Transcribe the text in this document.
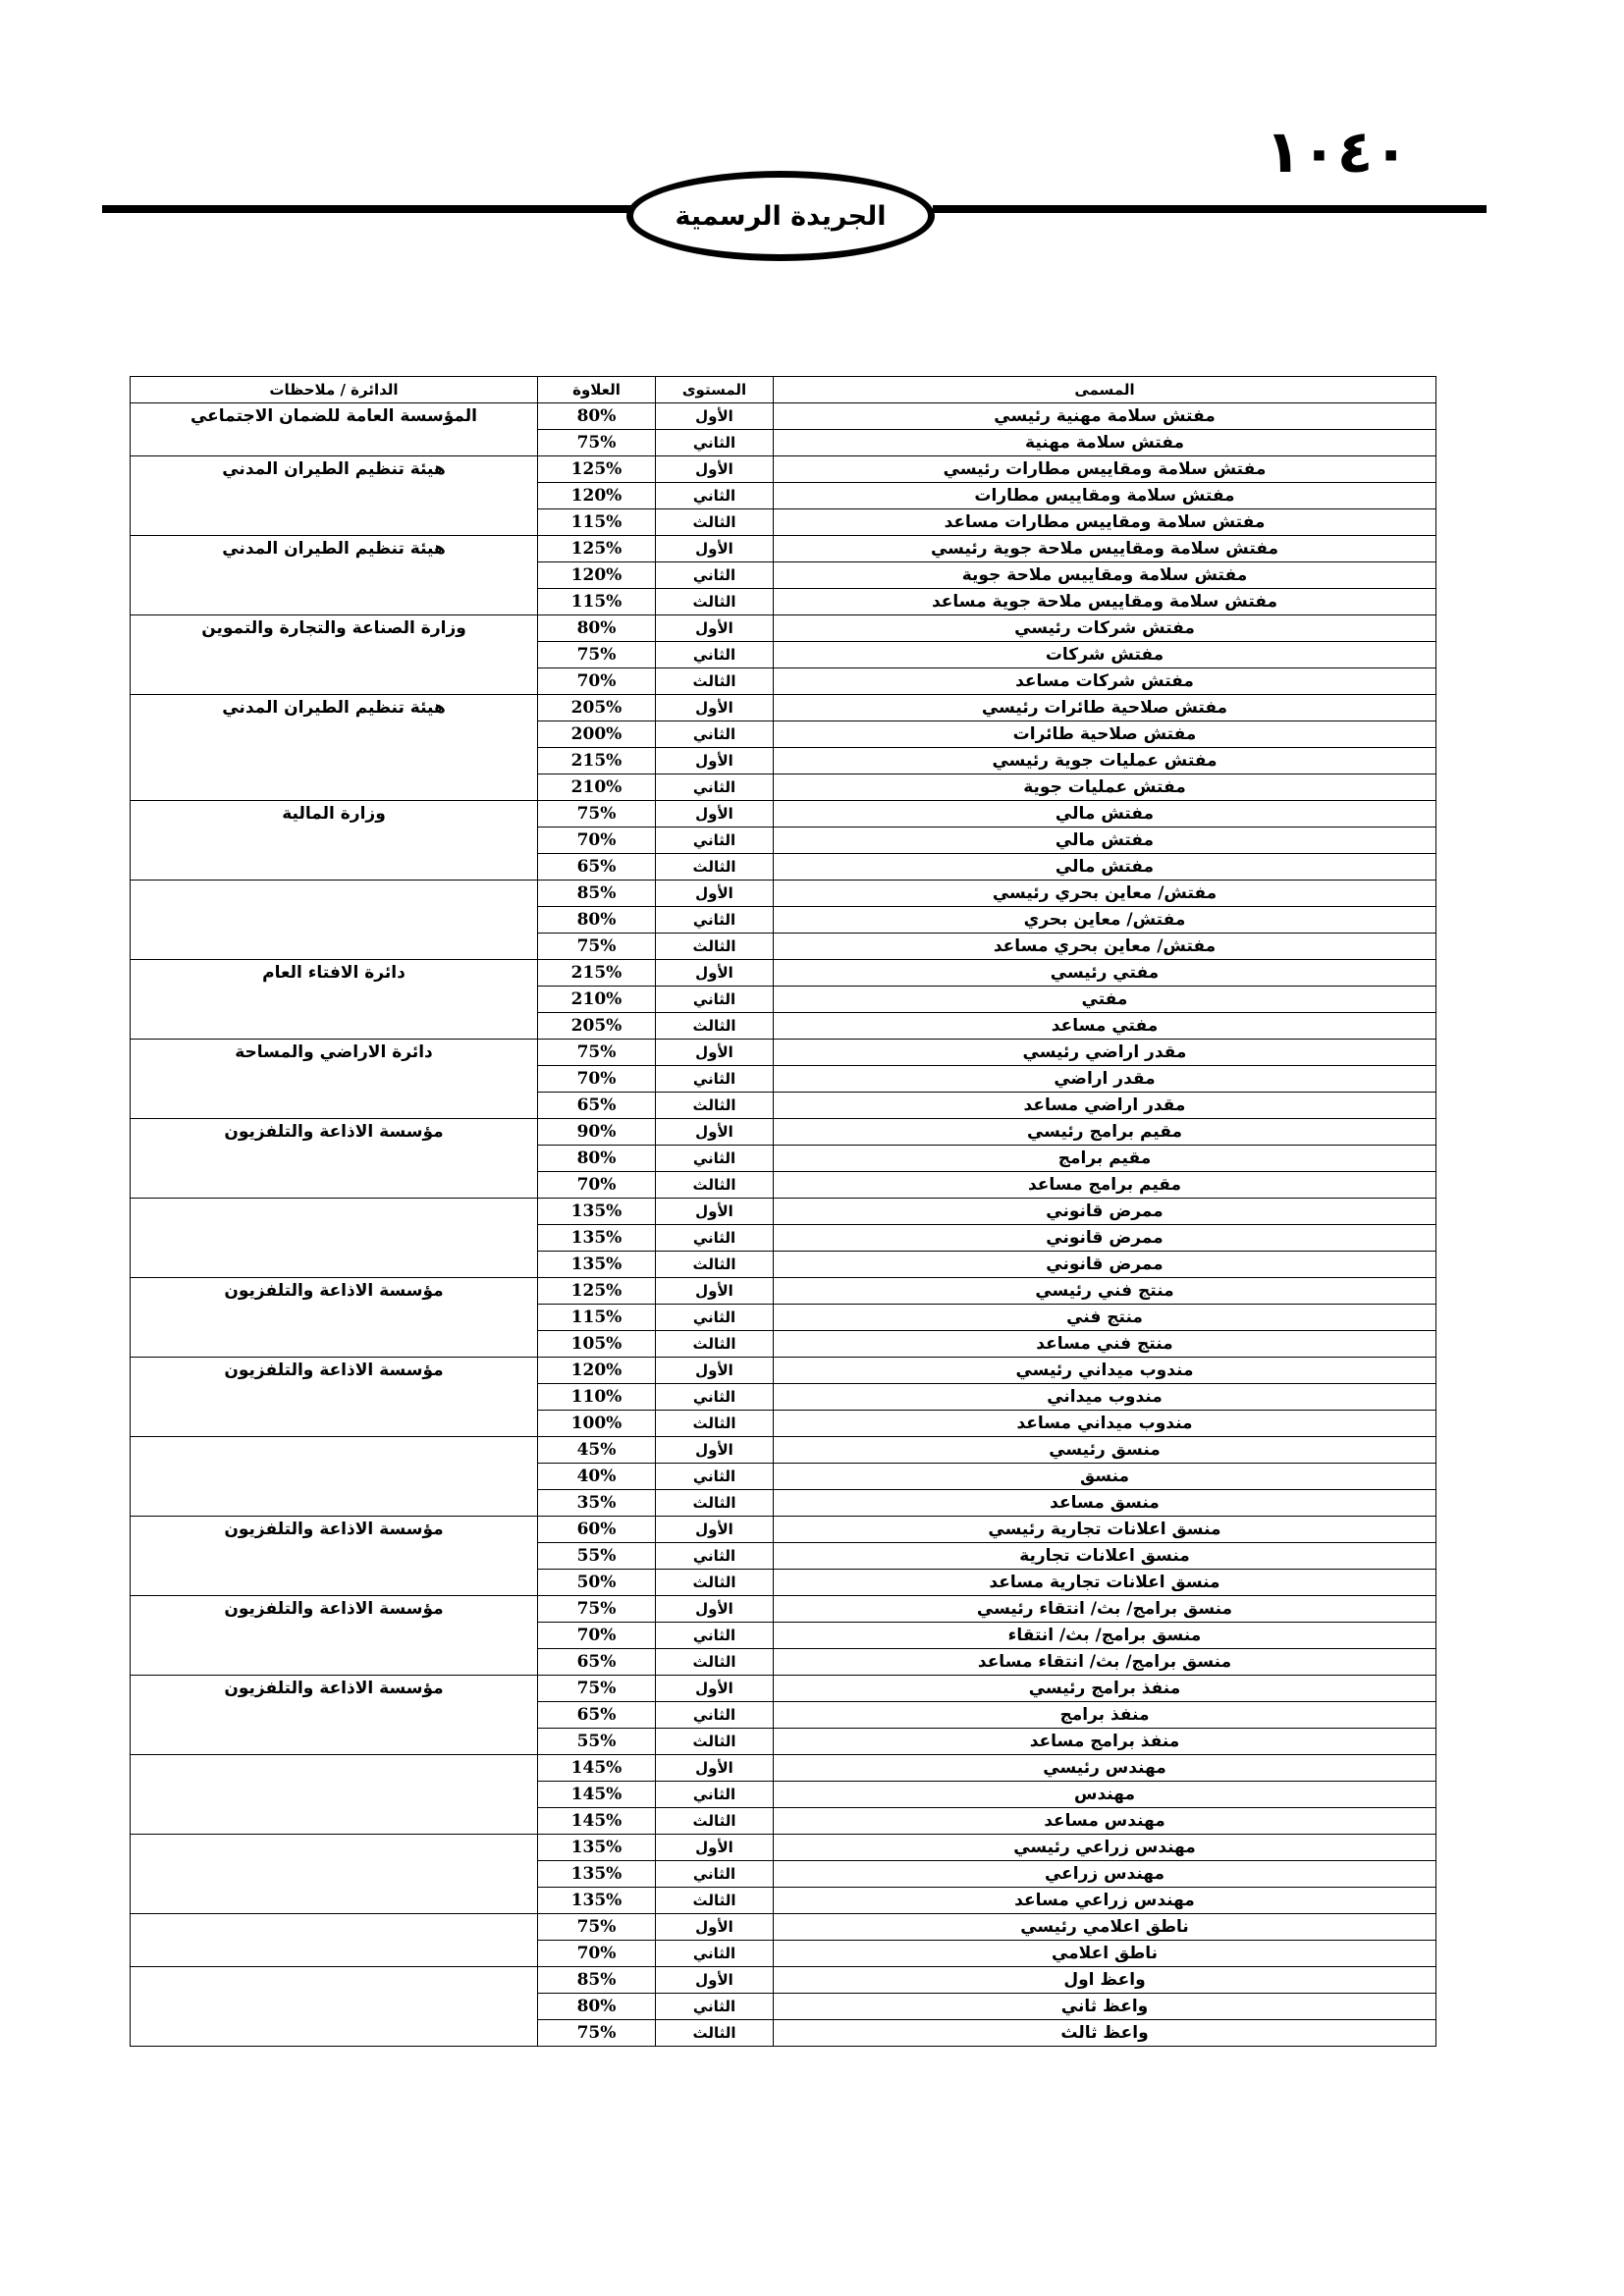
١٠٤٠
الجريدة الرسمية
المسمى	المستوى	العلاوة	الدائرة / ملاحظات
مفتش سلامة مهنية رئيسي	الأول	80%	المؤسسة العامة للضمان الاجتماعي
مفتش سلامة مهنية	الثاني	75%	
مفتش سلامة ومقاييس مطارات رئيسي	الأول	125%	هيئة تنظيم الطيران المدني
مفتش سلامة ومقاييس مطارات	الثاني	120%	
مفتش سلامة ومقاييس مطارات مساعد	الثالث	115%	
مفتش سلامة ومقاييس ملاحة جوية رئيسي	الأول	125%	هيئة تنظيم الطيران المدني
مفتش سلامة ومقاييس ملاحة جوية	الثاني	120%	
مفتش سلامة ومقاييس ملاحة جوية مساعد	الثالث	115%	
مفتش شركات رئيسي	الأول	80%	وزارة الصناعة والتجارة والتموين
مفتش شركات	الثاني	75%	
مفتش شركات مساعد	الثالث	70%	
مفتش صلاحية طائرات رئيسي	الأول	205%	هيئة تنظيم الطيران المدني
مفتش صلاحية طائرات	الثاني	200%	
مفتش عمليات جوية رئيسي	الأول	215%	
مفتش عمليات جوية	الثاني	210%	
مفتش مالي	الأول	75%	وزارة المالية
مفتش مالي	الثاني	70%	
مفتش مالي	الثالث	65%	
مفتش/ معاين بحري رئيسي	الأول	85%	
مفتش/ معاين بحري	الثاني	80%	
مفتش/ معاين بحري مساعد	الثالث	75%	
مفتي رئيسي	الأول	215%	دائرة الافتاء العام
مفتي	الثاني	210%	
مفتي مساعد	الثالث	205%	
مقدر اراضي رئيسي	الأول	75%	دائرة الاراضي والمساحة
مقدر اراضي	الثاني	70%	
مقدر اراضي مساعد	الثالث	65%	
مقيم برامج رئيسي	الأول	90%	مؤسسة الاذاعة والتلفزيون
مقيم برامج	الثاني	80%	
مقيم برامج مساعد	الثالث	70%	
ممرض قانوني	الأول	135%	
ممرض قانوني	الثاني	135%	
ممرض قانوني	الثالث	135%	
منتج فني رئيسي	الأول	125%	مؤسسة الاذاعة والتلفزيون
منتج فني	الثاني	115%	
منتج فني مساعد	الثالث	105%	
مندوب ميداني رئيسي	الأول	120%	مؤسسة الاذاعة والتلفزيون
مندوب ميداني	الثاني	110%	
مندوب ميداني مساعد	الثالث	100%	
منسق رئيسي	الأول	45%	
منسق	الثاني	40%	
منسق مساعد	الثالث	35%	
منسق اعلانات تجارية رئيسي	الأول	60%	مؤسسة الاذاعة والتلفزيون
منسق اعلانات تجارية	الثاني	55%	
منسق اعلانات تجارية مساعد	الثالث	50%	
منسق برامج/ بث/ انتقاء رئيسي	الأول	75%	مؤسسة الاذاعة والتلفزيون
منسق برامج/ بث/ انتقاء	الثاني	70%	
منسق برامج/ بث/ انتقاء مساعد	الثالث	65%	
منفذ برامج رئيسي	الأول	75%	مؤسسة الاذاعة والتلفزيون
منفذ برامج	الثاني	65%	
منفذ برامج مساعد	الثالث	55%	
مهندس رئيسي	الأول	145%	
مهندس	الثاني	145%	
مهندس مساعد	الثالث	145%	
مهندس زراعي رئيسي	الأول	135%	
مهندس زراعي	الثاني	135%	
مهندس زراعي مساعد	الثالث	135%	
ناطق اعلامي رئيسي	الأول	75%	
ناطق اعلامي	الثاني	70%	
واعظ اول	الأول	85%	
واعظ ثاني	الثاني	80%	
واعظ ثالث	الثالث	75%	
